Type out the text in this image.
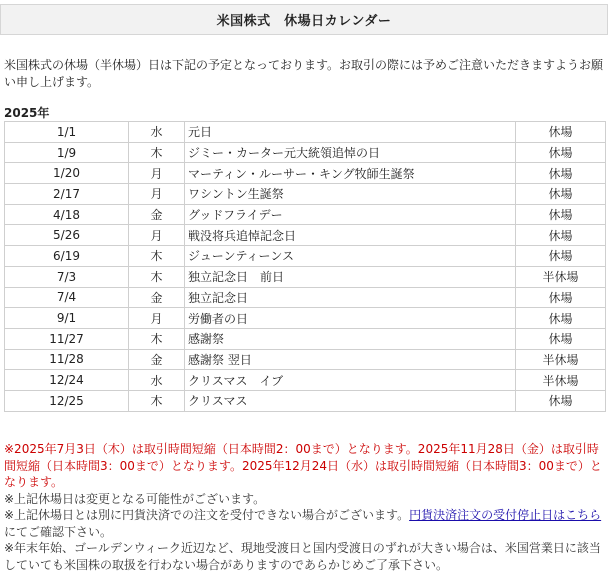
米国株式　休場日カレンダー
米国株式の休場（半休場）日は下記の予定となっております。お取引の際には予めご注意いただきますようお願い申し上げます。
2025年
1/1	水	元日	休場
1/9	木	ジミー・カーター元大統領追悼の日	休場
1/20	月	マーティン・ルーサー・キング牧師生誕祭	休場
2/17	月	ワシントン生誕祭	休場
4/18	金	グッドフライデー	休場
5/26	月	戦没将兵追悼記念日	休場
6/19	木	ジューンティーンス	休場
7/3	木	独立記念日　前日	半休場
7/4	金	独立記念日	休場
9/1	月	労働者の日	休場
11/27	木	感謝祭	休場
11/28	金	感謝祭 翌日	半休場
12/24	水	クリスマス　イブ	半休場
12/25	木	クリスマス	休場

※2025年7月3日（木）は取引時間短縮（日本時間2：00まで）となります。2025年11月28日（金）は取引時間短縮（日本時間3：00まで）となります。2025年12月24日（水）は取引時間短縮（日本時間3：00まで）となります。

※上記休場日は変更となる可能性がございます。

※上記休場日とは別に円貨決済での注文を受付できない場合がございます。円貨決済注文の受付停止日はこちらにてご確認下さい。

※年末年始、ゴールデンウィーク近辺など、現地受渡日と国内受渡日のずれが大きい場合は、米国営業日に該当していても米国株の取扱を行わない場合がありますのであらかじめご了承下さい。
